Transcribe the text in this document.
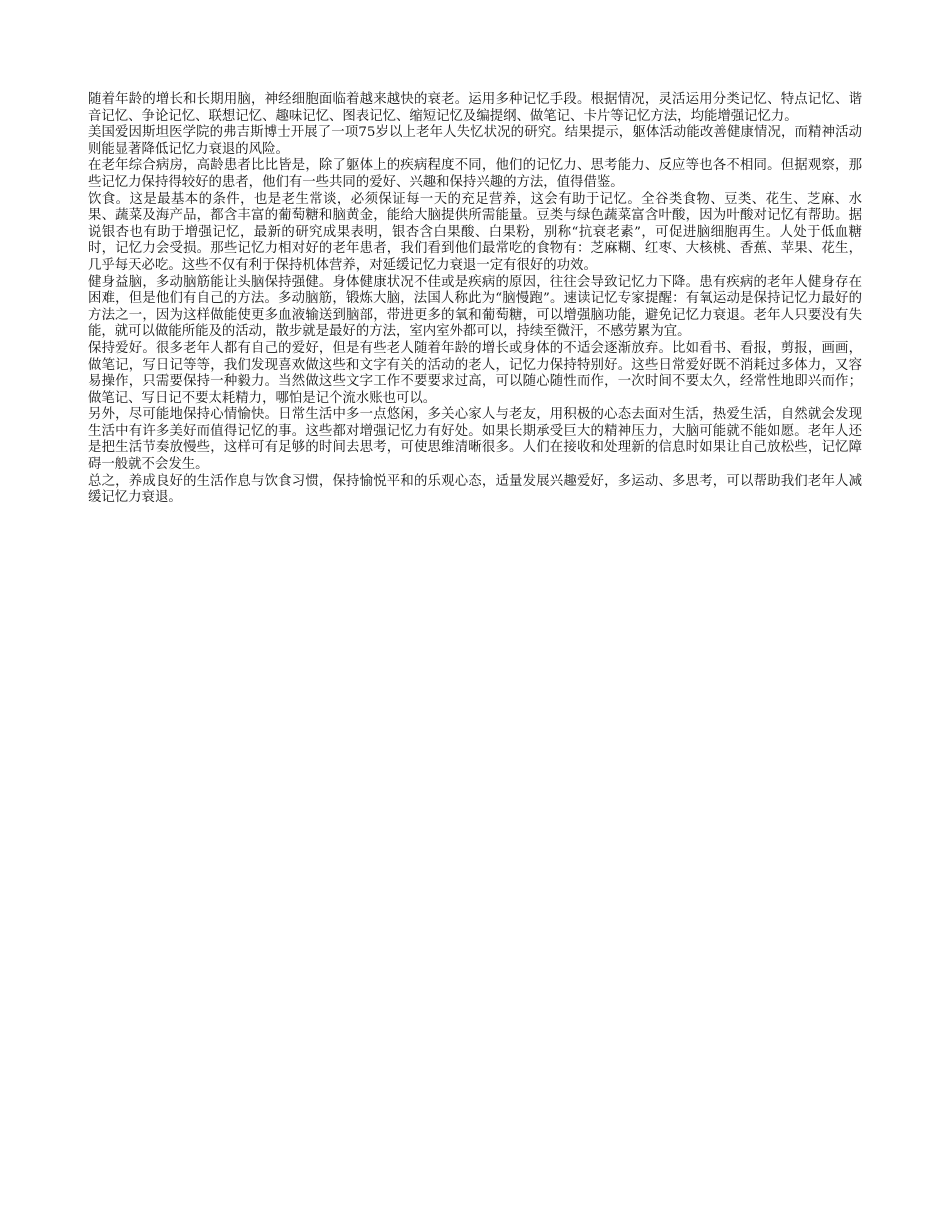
随着年龄的增长和长期用脑，神经细胞面临着越来越快的衰老。运用多种记忆手段。根据情况，灵活运用分类记忆、特点记忆、谐音记忆、争论记忆、联想记忆、趣味记忆、图表记忆、缩短记忆及编提纲、做笔记、卡片等记忆方法，均能增强记忆力。

美国爱因斯坦医学院的弗吉斯博士开展了一项75岁以上老年人失忆状况的研究。结果提示，躯体活动能改善健康情况，而精神活动则能显著降低记忆力衰退的风险。

在老年综合病房，高龄患者比比皆是，除了躯体上的疾病程度不同，他们的记忆力、思考能力、反应等也各不相同。但据观察，那些记忆力保持得较好的患者，他们有一些共同的爱好、兴趣和保持兴趣的方法，值得借鉴。

饮食。这是最基本的条件，也是老生常谈，必须保证每一天的充足营养，这会有助于记忆。全谷类食物、豆类、花生、芝麻、水果、蔬菜及海产品，都含丰富的葡萄糖和脑黄金，能给大脑提供所需能量。豆类与绿色蔬菜富含叶酸，因为叶酸对记忆有帮助。据说银杏也有助于增强记忆，最新的研究成果表明，银杏含白果酸、白果粉，别称“抗衰老素”，可促进脑细胞再生。人处于低血糖时，记忆力会受损。那些记忆力相对好的老年患者，我们看到他们最常吃的食物有：芝麻糊、红枣、大核桃、香蕉、苹果、花生，几乎每天必吃。这些不仅有利于保持机体营养，对延缓记忆力衰退一定有很好的功效。

健身益脑，多动脑筋能让头脑保持强健。身体健康状况不佳或是疾病的原因，往往会导致记忆力下降。患有疾病的老年人健身存在困难，但是他们有自己的方法。多动脑筋，锻炼大脑，法国人称此为“脑慢跑”。速读记忆专家提醒：有氧运动是保持记忆力最好的方法之一，因为这样做能使更多血液输送到脑部，带进更多的氧和葡萄糖，可以增强脑功能，避免记忆力衰退。老年人只要没有失能，就可以做能所能及的活动，散步就是最好的方法，室内室外都可以，持续至微汗，不感劳累为宜。

保持爱好。很多老年人都有自己的爱好，但是有些老人随着年龄的增长或身体的不适会逐渐放弃。比如看书、看报，剪报，画画，做笔记，写日记等等，我们发现喜欢做这些和文字有关的活动的老人，记忆力保持特别好。这些日常爱好既不消耗过多体力，又容易操作，只需要保持一种毅力。当然做这些文字工作不要要求过高，可以随心随性而作，一次时间不要太久，经常性地即兴而作；做笔记、写日记不要太耗精力，哪怕是记个流水账也可以。

另外，尽可能地保持心情愉快。日常生活中多一点悠闲，多关心家人与老友，用积极的心态去面对生活，热爱生活，自然就会发现生活中有许多美好而值得记忆的事。这些都对增强记忆力有好处。如果长期承受巨大的精神压力，大脑可能就不能如愿。老年人还是把生活节奏放慢些，这样可有足够的时间去思考，可使思维清晰很多。人们在接收和处理新的信息时如果让自己放松些，记忆障碍一般就不会发生。

总之，养成良好的生活作息与饮食习惯，保持愉悦平和的乐观心态，适量发展兴趣爱好，多运动、多思考，可以帮助我们老年人减缓记忆力衰退。
